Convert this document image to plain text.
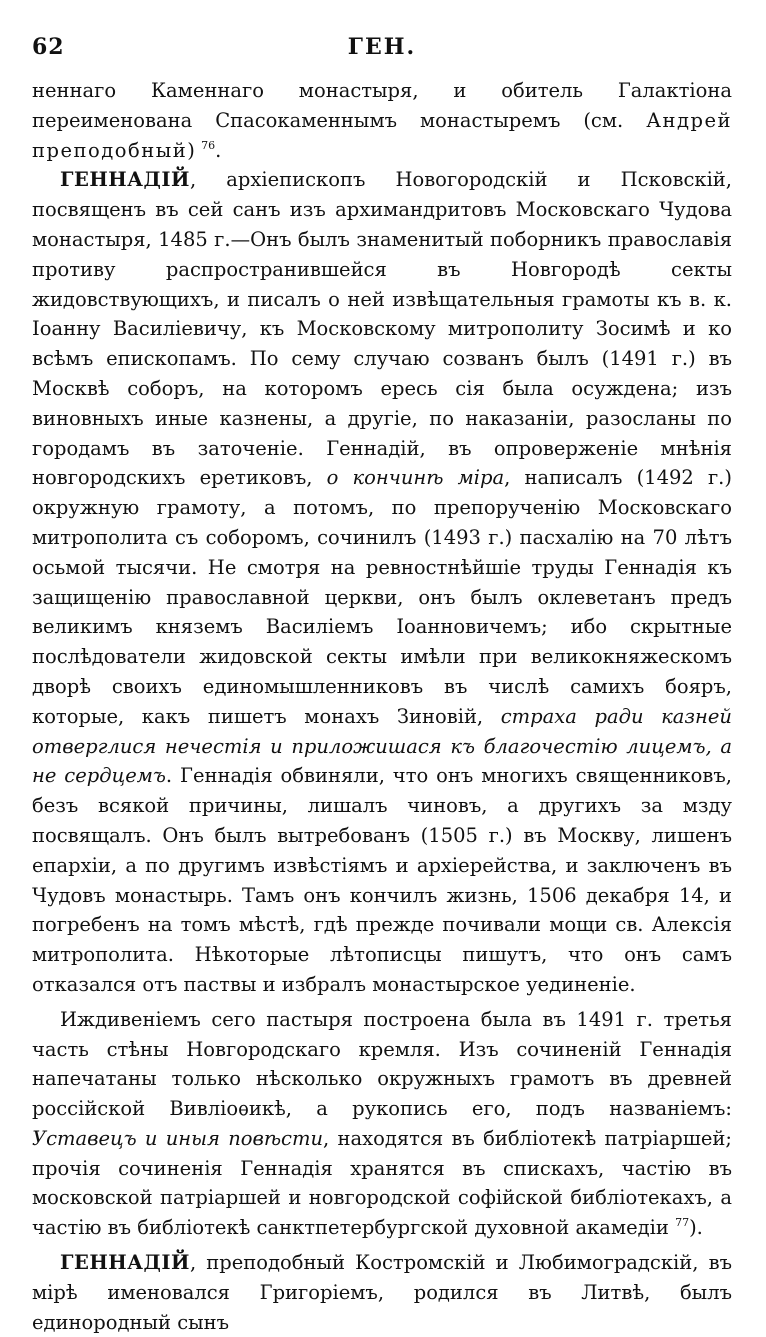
62	ГЕН.

неннаго Каменнаго монастыря, и обитель Галактіона переименована Спасокаменнымъ монастыремъ (см. Андрей преподобный) $^{76}$.

ГЕННАДІЙ, архіепископъ Новогородскій и Псковскій, посвященъ въ сей санъ изъ архимандритовъ Московскаго Чудова монастыря, 1485 г.—Онъ былъ знаменитый поборникъ православія противу распространившейся въ Новгородѣ секты жидовствующихъ, и писалъ о ней извѣщательныя грамоты къ в. к. Іоанну Василіевичу, къ Московскому митрополиту Зосимѣ и ко всѣмъ епископамъ. По сему случаю созванъ былъ (1491 г.) въ Москвѣ соборъ, на которомъ ересь сія была осуждена; изъ виновныхъ иные казнены, а другіе, по наказаніи, разосланы по городамъ въ заточеніе. Геннадій, въ опроверженіе мнѣнія новгородскихъ еретиковъ, о кончинѣ міра, написалъ (1492 г.) окружную грамоту, а потомъ, по препорученію Московскаго митрополита съ соборомъ, сочинилъ (1493 г.) пасхалію на 70 лѣтъ осьмой тысячи. Не смотря на ревностнѣйшіе труды Геннадія къ защищенію православной церкви, онъ былъ оклеветанъ предъ великимъ княземъ Василіемъ Іоанновичемъ; ибо скрытные послѣдователи жидовской секты имѣли при великокняжескомъ дворѣ своихъ единомышленниковъ въ числѣ самихъ бояръ, которые, какъ пишетъ монахъ Зиновій, страха ради казней отверглися нечестія и приложишася къ благочестію лицемъ, а не сердцемъ. Геннадія обвиняли, что онъ многихъ священниковъ, безъ всякой причины, лишалъ чиновъ, а другихъ за мзду посвящалъ. Онъ былъ вытребованъ (1505 г.) въ Москву, лишенъ епархіи, а по другимъ извѣстіямъ и архіерейства, и заключенъ въ Чудовъ монастырь. Тамъ онъ кончилъ жизнь, 1506 декабря 14, и погребенъ на томъ мѣстѣ, гдѣ прежде почивали мощи св. Алексія митрополита. Нѣкоторые лѣтописцы пишутъ, что онъ самъ отказался отъ паствы и избралъ монастырское уединеніе.

Иждивеніемъ сего пастыря построена была въ 1491 г. третья часть стѣны Новгородскаго кремля. Изъ сочиненій Геннадія напечатаны только нѣсколько окружныхъ грамотъ въ древней россійской Вивліоѳикѣ, а рукопись его, подъ названіемъ: Уставецъ и иныя повѣсти, находятся въ библіотекѣ патріаршей; прочія сочиненія Геннадія хранятся въ спискахъ, частію въ московской патріаршей и новгородской софійской библіотекахъ, а частію въ библіотекѣ санктпетербургской духовной акамедіи $^{77}$).

ГЕННАДІЙ, преподобный Костромскій и Любимоградскій, въ мірѣ именовался Григоріемъ, родился въ Литвѣ, былъ единородный сынъ
